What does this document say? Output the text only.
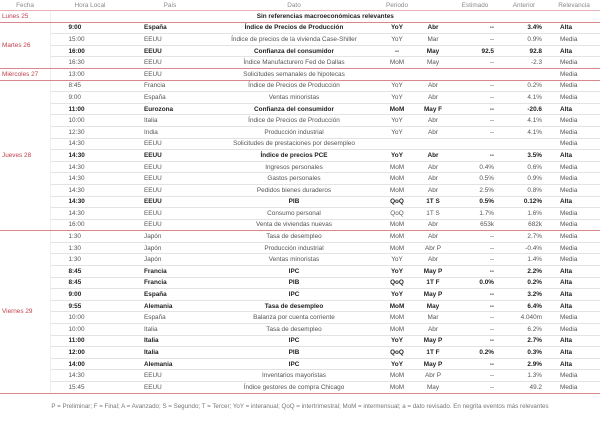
Fecha	Hora Local	País	Dato	Periodo		Estimado	Anterior	Relevancia
Lunes 25	Sin referencias macroeconómicas relevantes							
Martes 26	9:00	España	Índice de Precios de Producción	YoY	Abr	--	3.4%	Alta
	15:00	EEUU	Índice de precios de la vivienda Case-Shiller	YoY	Mar	--	0.9%	Media
	16:00	EEUU	Confianza del consumidor	--	May	92.5	92.8	Alta
	16:30	EEUU	Índice Manufacturero Fed de Dallas	MoM	May	--	-2.3	Media
Miércoles 27	13:00	EEUU	Solicitudes semanales de hipotecas					Media
Jueves 28	8:45	Francia	Índice de Precios de Producción	YoY	Abr	--	0.2%	Media
	9:00	España	Ventas minoristas	YoY	Abr	--	4.1%	Media
	11:00	Eurozona	Confianza del consumidor	MoM	May F	--	-20.6	Alta
	10:00	Italia	Índice de Precios de Producción	YoY	Abr	--	4.1%	Media
	12:30	India	Producción industrial	YoY	Abr	--	4.1%	Media
	14:30	EEUU	Solicitudes de prestaciones por desempleo					Media
	14:30	EEUU	Índice de precios PCE	YoY	Abr	--	3.5%	Alta
	14:30	EEUU	Ingresos personales	MoM	Abr	0.4%	0.6%	Media
	14:30	EEUU	Gastos personales	MoM	Abr	0.5%	0.9%	Media
	14:30	EEUU	Pedidos bienes duraderos	MoM	Abr	2.5%	0.8%	Media
	14:30	EEUU	PIB	QoQ	1T S	0.5%	0.12%	Alta
	14:30	EEUU	Consumo personal	QoQ	1T S	1.7%	1.6%	Media
	16:00	EEUU	Venta de viviendas nuevas	MoM	Abr	653k	682k	Media
Viernes 29	1:30	Japón	Tasa de desempleo	MoM	Abr	--	2.7%	Media
	1:30	Japón	Producción industrial	MoM	Abr P	--	-0.4%	Media
	1:30	Japón	Ventas minoristas	YoY	Abr	--	1.4%	Media
	8:45	Francia	IPC	YoY	May P	--	2.2%	Alta
	8:45	Francia	PIB	QoQ	1T F	0.0%	0.2%	Alta
	9:00	España	IPC	YoY	May P	--	3.2%	Alta
	9:55	Alemania	Tasa de desempleo	MoM	May	--	6.4%	Alta
	10:00	España	Balanza por cuenta corriente	MoM	Mar	--	4.040m	Media
	10:00	Italia	Tasa de desempleo	MoM	Abr	--	6.2%	Media
	11:00	Italia	IPC	YoY	May P	--	2.7%	Alta
	12:00	Italia	PIB	QoQ	1T F	0.2%	0.3%	Alta
	14:00	Alemania	IPC	YoY	May P	--	2.9%	Alta
	14:30	EEUU	Inventarios mayoristas	MoM	Abr P	--	1.3%	Media
	15:45	EEUU	Índice gestores de compra Chicago	MoM	May	--	49.2	Media
P = Preliminar; F = Final; A = Avanzado; S = Segundo; T = Tercer; YoY = interanual; QoQ = intertrimestral; MoM = intermensual; a = dato revisado. En negrita eventos más relevantes
